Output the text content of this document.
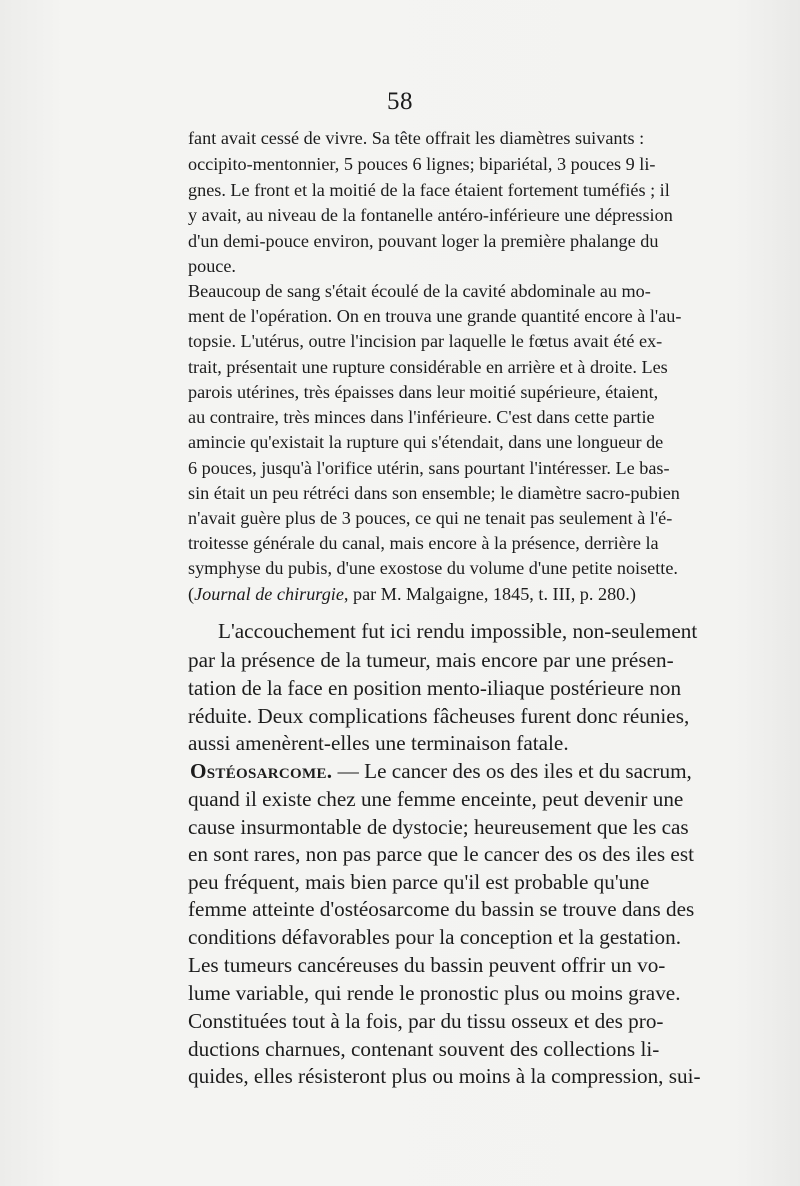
58

fant avait cessé de vivre. Sa tête offrait les diamètres suivants :

occipito-mentonnier, 5 pouces 6 lignes; bipariétal, 3 pouces 9 li-

gnes. Le front et la moitié de la face étaient fortement tuméfiés ; il

y avait, au niveau de la fontanelle antéro-inférieure une dépression

d'un demi-pouce environ, pouvant loger la première phalange du

pouce.

Beaucoup de sang s'était écoulé de la cavité abdominale au mo-

ment de l'opération. On en trouva une grande quantité encore à l'au-

topsie. L'utérus, outre l'incision par laquelle le fœtus avait été ex-

trait, présentait une rupture considérable en arrière et à droite. Les

parois utérines, très épaisses dans leur moitié supérieure, étaient,

au contraire, très minces dans l'inférieure. C'est dans cette partie

amincie qu'existait la rupture qui s'étendait, dans une longueur de

6 pouces, jusqu'à l'orifice utérin, sans pourtant l'intéresser. Le bas-

sin était un peu rétréci dans son ensemble; le diamètre sacro-pubien

n'avait guère plus de 3 pouces, ce qui ne tenait pas seulement à l'é-

troitesse générale du canal, mais encore à la présence, derrière la

symphyse du pubis, d'une exostose du volume d'une petite noisette.

(Journal de chirurgie, par M. Malgaigne, 1845, t. III, p. 280.)

L'accouchement fut ici rendu impossible, non-seulement

par la présence de la tumeur, mais encore par une présen-

tation de la face en position mento-iliaque postérieure non

réduite. Deux complications fâcheuses furent donc réunies,

aussi amenèrent-elles une terminaison fatale.

Ostéosarcome. — Le cancer des os des iles et du sacrum,

quand il existe chez une femme enceinte, peut devenir une

cause insurmontable de dystocie; heureusement que les cas

en sont rares, non pas parce que le cancer des os des iles est

peu fréquent, mais bien parce qu'il est probable qu'une

femme atteinte d'ostéosarcome du bassin se trouve dans des

conditions défavorables pour la conception et la gestation.

Les tumeurs cancéreuses du bassin peuvent offrir un vo-

lume variable, qui rende le pronostic plus ou moins grave.

Constituées tout à la fois, par du tissu osseux et des pro-

ductions charnues, contenant souvent des collections li-

quides, elles résisteront plus ou moins à la compression, sui-
